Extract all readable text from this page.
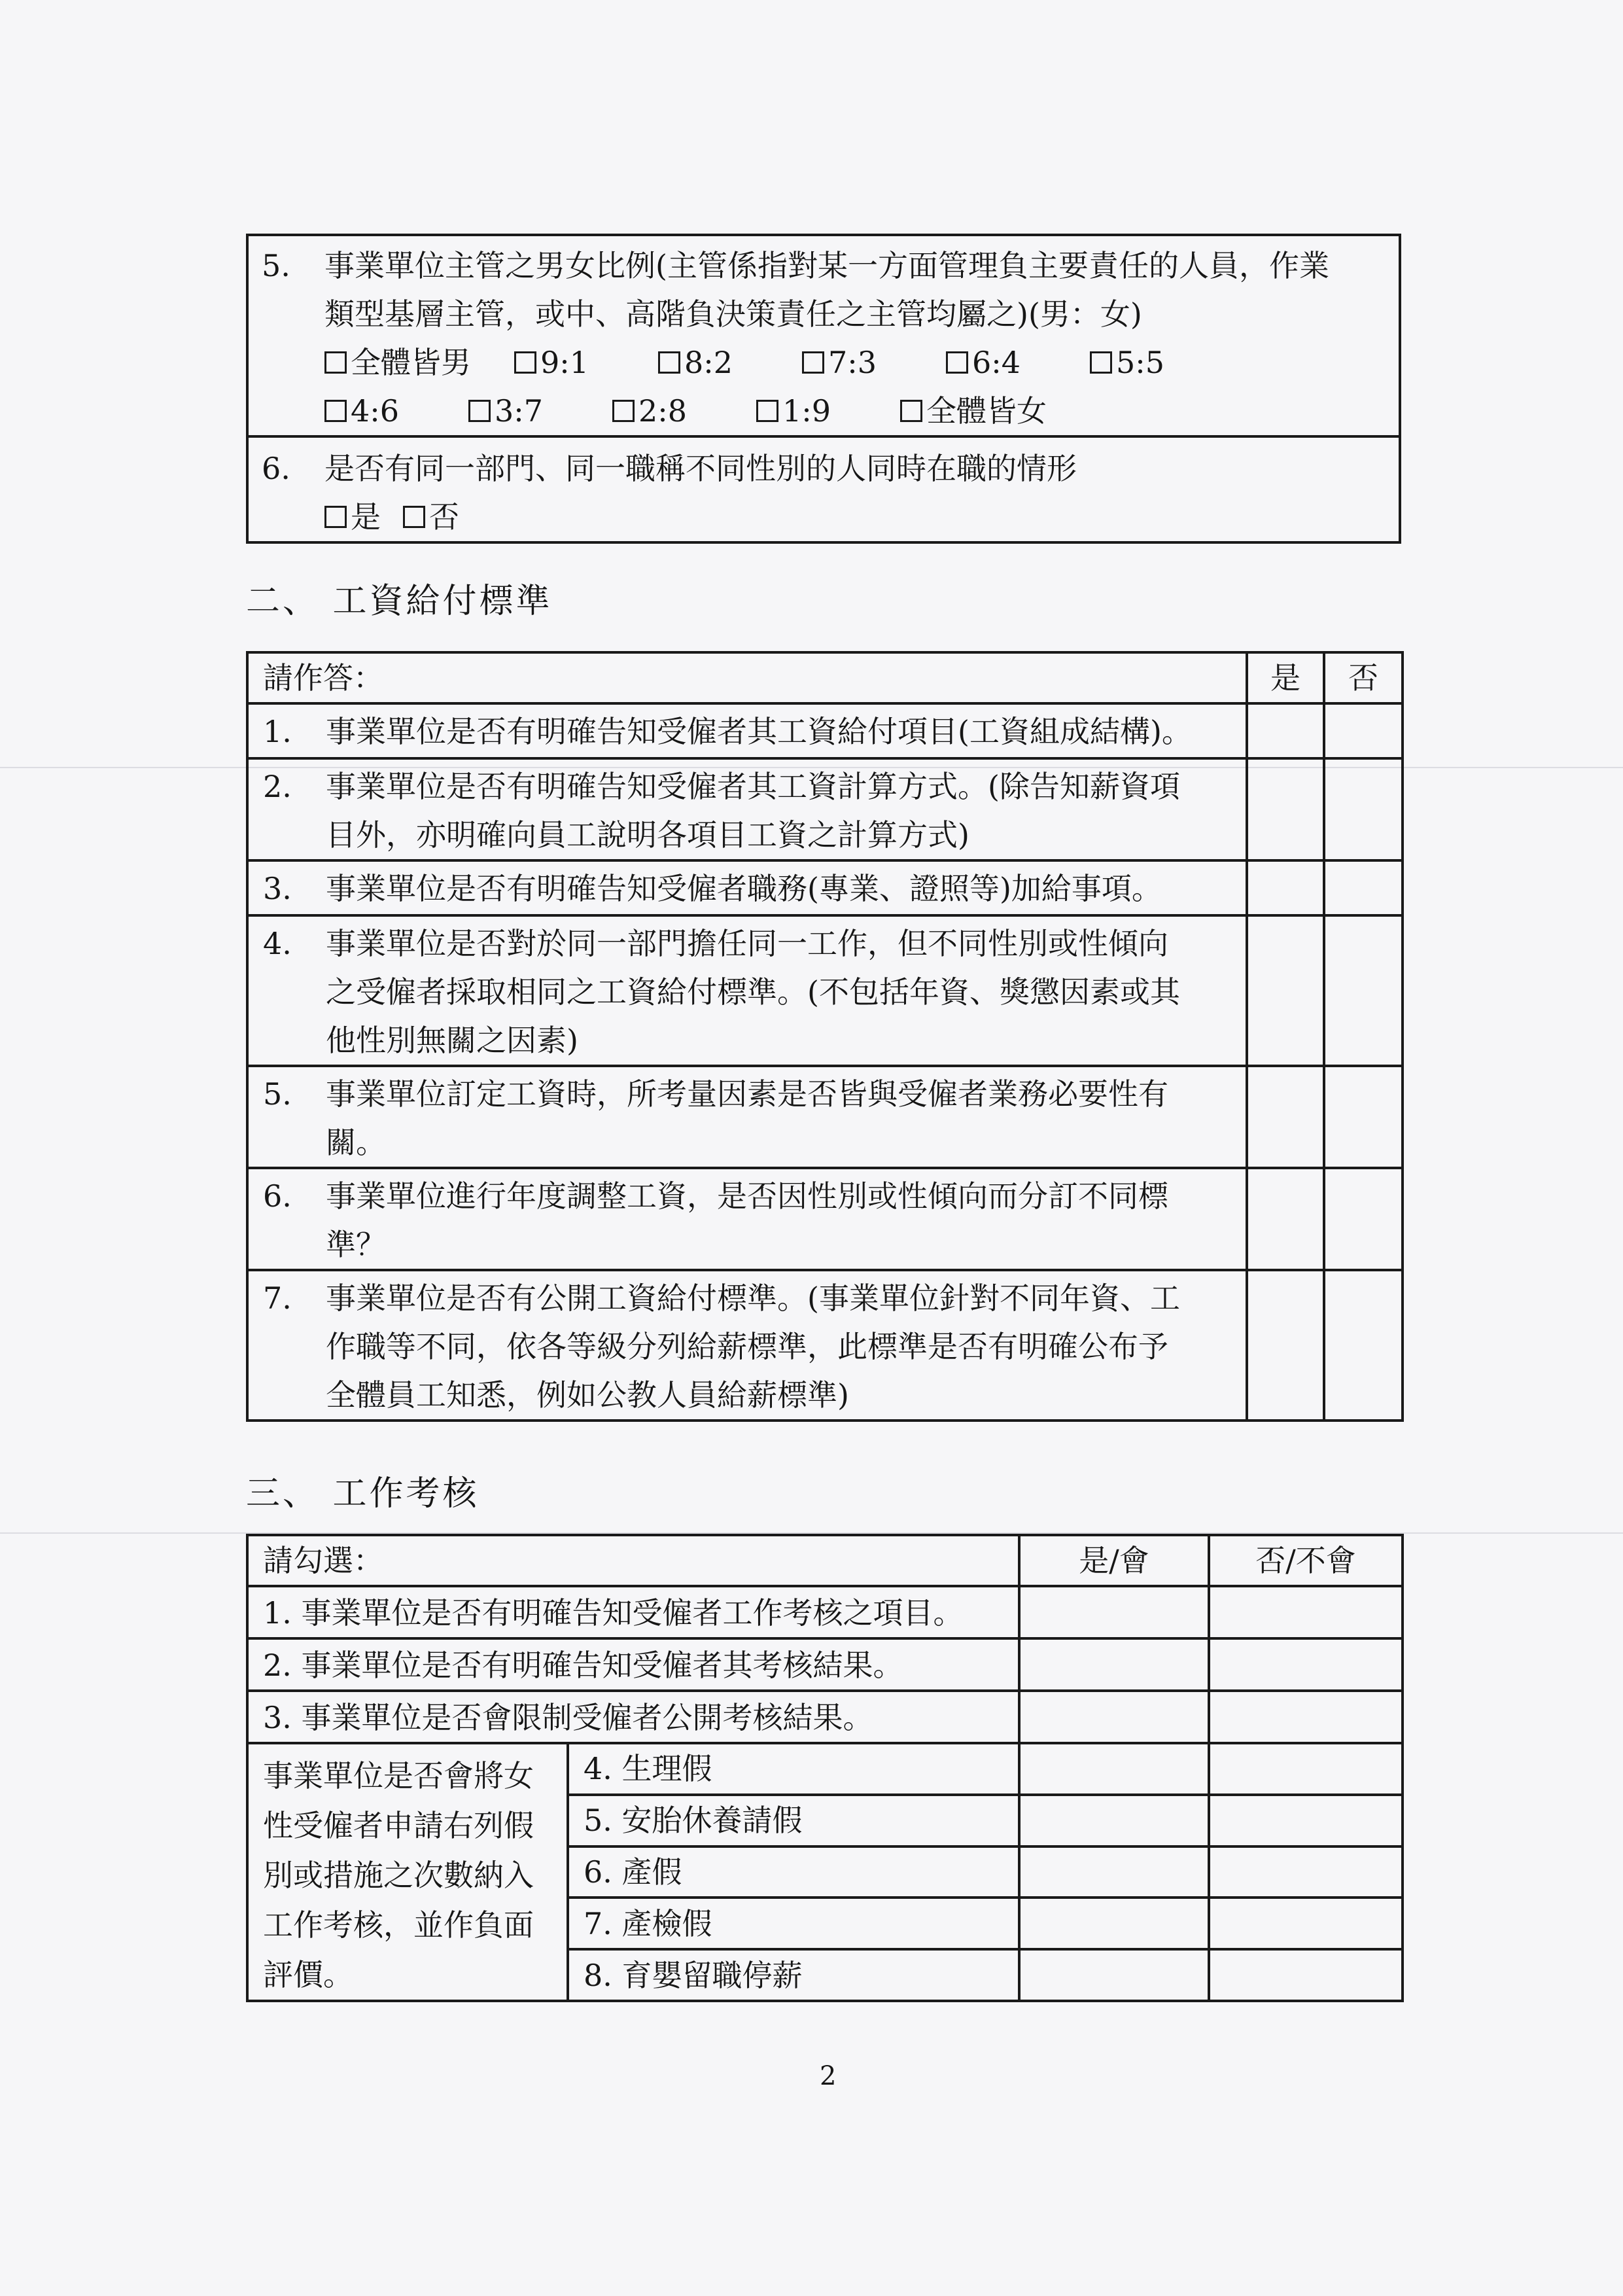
5.	事業單位主管之男女比例(主管係指對某一方面管理負主要責任的人員，作業
類型基層主管，或中、高階負決策責任之主管均屬之)(男：女)
全體皆男 9:1	8:2	7:3	6:4	5:5
4:6	3:7	2:8	1:9	全體皆女

6.	是否有同一部門、同一職稱不同性別的人同時在職的情形
是 否
二、 工資給付標準
請作答：	是	否

1. 事業單位是否有明確告知受僱者其工資給付項目(工資組成結構)。		

2. 事業單位是否有明確告知受僱者其工資計算方式。(除告知薪資項
目外，亦明確向員工說明各項目工資之計算方式)		

3. 事業單位是否有明確告知受僱者職務(專業、證照等)加給事項。		

4. 事業單位是否對於同一部門擔任同一工作，但不同性別或性傾向
之受僱者採取相同之工資給付標準。(不包括年資、獎懲因素或其
他性別無關之因素)		

5. 事業單位訂定工資時，所考量因素是否皆與受僱者業務必要性有
關。		

6. 事業單位進行年度調整工資，是否因性別或性傾向而分訂不同標
準？		

7. 事業單位是否有公開工資給付標準。(事業單位針對不同年資、工
作職等不同，依各等級分列給薪標準，此標準是否有明確公布予
全體員工知悉，例如公教人員給薪標準)		

三、 工作考核
請勾選：		是/會	否/不會
1. 事業單位是否有明確告知受僱者工作考核之項目。			
2. 事業單位是否有明確告知受僱者其考核結果。			
3. 事業單位是否會限制受僱者公開考核結果。			

事業單位是否會將女
性受僱者申請右列假
別或措施之次數納入
工作考核，並作負面
評價。	4. 生理假		
	5. 安胎休養請假		
	6. 產假		
	7. 產檢假		
	8. 育嬰留職停薪		
2
